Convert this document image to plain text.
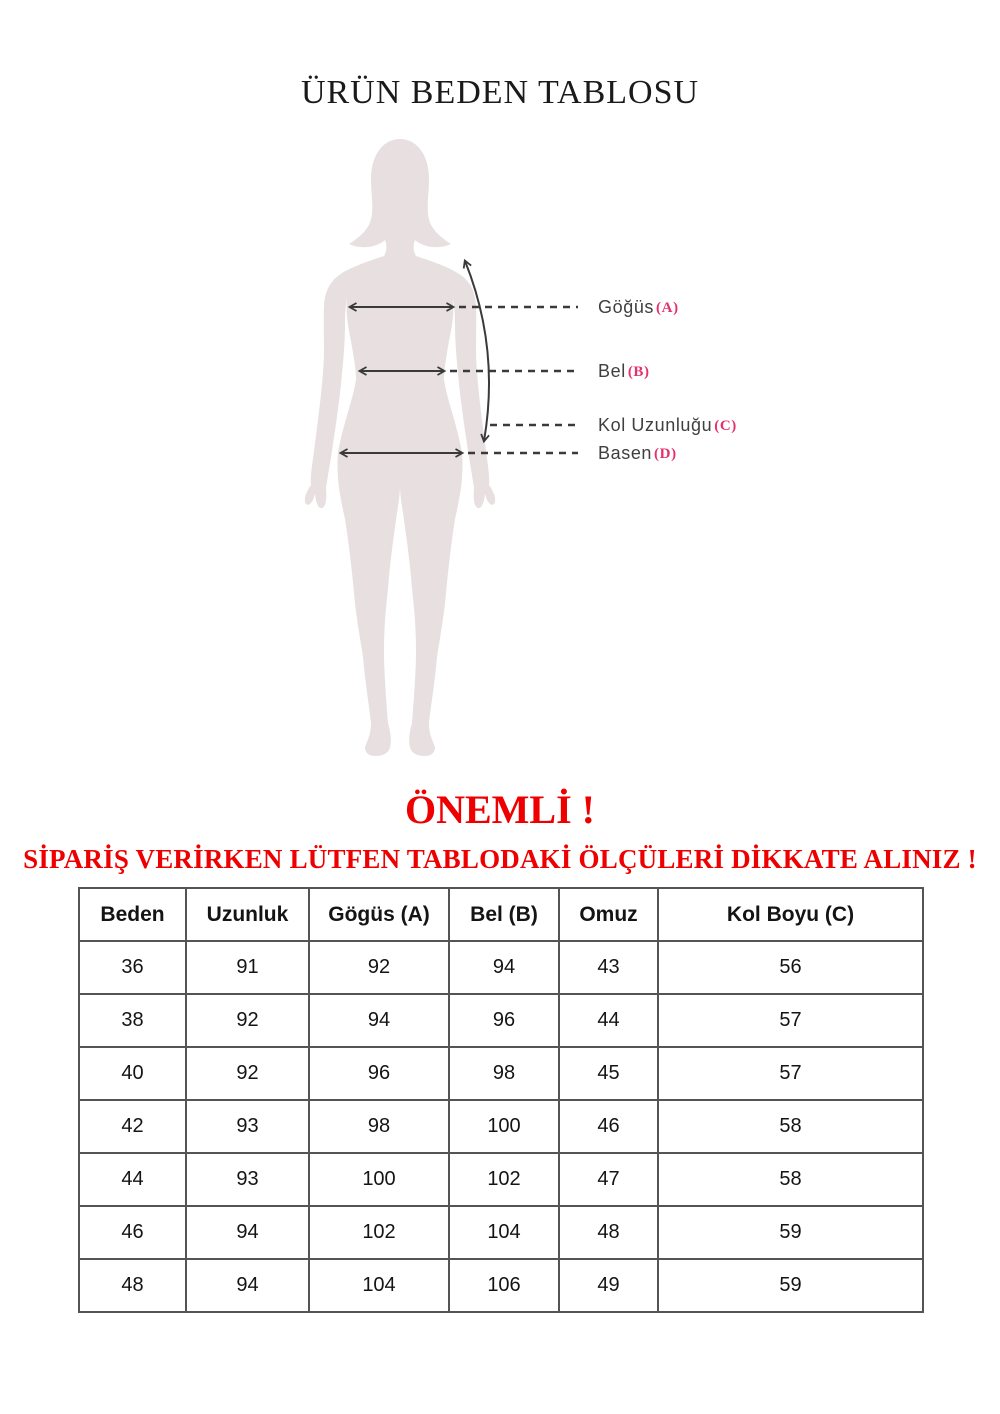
ÜRÜN BEDEN TABLOSU
Göğüs (A)
Bel (B)
Kol Uzunluğu (C)
Basen (D)
ÖNEMLİ !
SİPARİŞ VERİRKEN LÜTFEN TABLODAKİ ÖLÇÜLERİ DİKKATE ALINIZ !
Beden	Uzunluk	Gögüs (A)	Bel (B)	Omuz	Kol Boyu (C)
36	91	92	94	43	56
38	92	94	96	44	57
40	92	96	98	45	57
42	93	98	100	46	58
44	93	100	102	47	58
46	94	102	104	48	59
48	94	104	106	49	59
